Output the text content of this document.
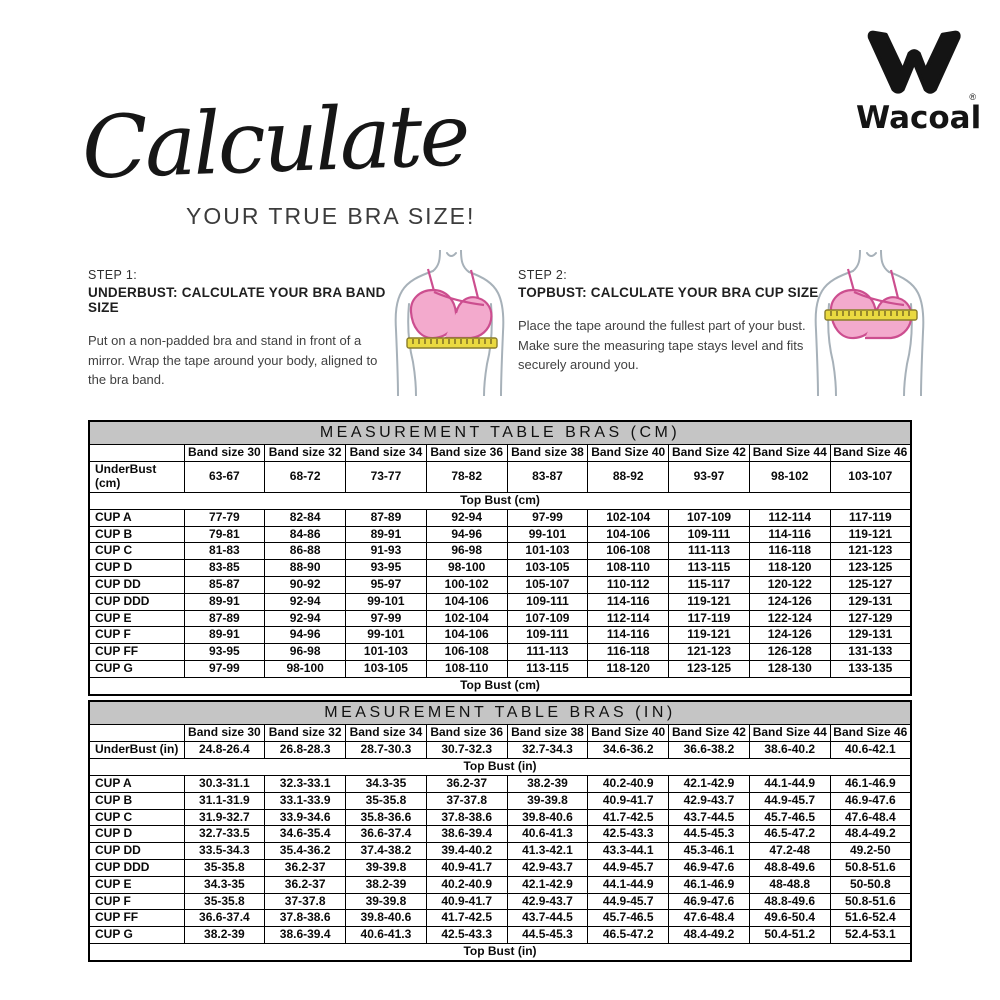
®
Wacoal
Calculate
YOUR TRUE BRA SIZE!
STEP 1:
UNDERBUST: CALCULATE YOUR BRA BAND SIZE
Put on a non-padded bra and stand in front of a mirror. Wrap the tape around your body, aligned to the bra band.
STEP 2:
TOPBUST: CALCULATE YOUR BRA CUP SIZE
Place the tape around the fullest part of your bust. Make sure the measuring tape stays level and fits securely around you.
MEASUREMENT TABLE BRAS (CM)									
	Band size 30	Band size 32	Band size 34	Band size 36	Band size 38	Band Size 40	Band Size 42	Band Size 44	Band Size 46
UnderBust (cm)	63-67	68-72	73-77	78-82	83-87	88-92	93-97	98-102	103-107
Top Bust (cm)									
CUP A	77-79	82-84	87-89	92-94	97-99	102-104	107-109	112-114	117-119
CUP B	79-81	84-86	89-91	94-96	99-101	104-106	109-111	114-116	119-121
CUP C	81-83	86-88	91-93	96-98	101-103	106-108	111-113	116-118	121-123
CUP D	83-85	88-90	93-95	98-100	103-105	108-110	113-115	118-120	123-125
CUP DD	85-87	90-92	95-97	100-102	105-107	110-112	115-117	120-122	125-127
CUP DDD	89-91	92-94	99-101	104-106	109-111	114-116	119-121	124-126	129-131
CUP E	87-89	92-94	97-99	102-104	107-109	112-114	117-119	122-124	127-129
CUP F	89-91	94-96	99-101	104-106	109-111	114-116	119-121	124-126	129-131
CUP FF	93-95	96-98	101-103	106-108	111-113	116-118	121-123	126-128	131-133
CUP G	97-99	98-100	103-105	108-110	113-115	118-120	123-125	128-130	133-135
Top Bust (cm)									
MEASUREMENT TABLE BRAS (IN)									
	Band size 30	Band size 32	Band size 34	Band size 36	Band size 38	Band Size 40	Band Size 42	Band Size 44	Band Size 46
UnderBust (in)	24.8-26.4	26.8-28.3	28.7-30.3	30.7-32.3	32.7-34.3	34.6-36.2	36.6-38.2	38.6-40.2	40.6-42.1
Top Bust (in)									
CUP A	30.3-31.1	32.3-33.1	34.3-35	36.2-37	38.2-39	40.2-40.9	42.1-42.9	44.1-44.9	46.1-46.9
CUP B	31.1-31.9	33.1-33.9	35-35.8	37-37.8	39-39.8	40.9-41.7	42.9-43.7	44.9-45.7	46.9-47.6
CUP C	31.9-32.7	33.9-34.6	35.8-36.6	37.8-38.6	39.8-40.6	41.7-42.5	43.7-44.5	45.7-46.5	47.6-48.4
CUP D	32.7-33.5	34.6-35.4	36.6-37.4	38.6-39.4	40.6-41.3	42.5-43.3	44.5-45.3	46.5-47.2	48.4-49.2
CUP DD	33.5-34.3	35.4-36.2	37.4-38.2	39.4-40.2	41.3-42.1	43.3-44.1	45.3-46.1	47.2-48	49.2-50
CUP DDD	35-35.8	36.2-37	39-39.8	40.9-41.7	42.9-43.7	44.9-45.7	46.9-47.6	48.8-49.6	50.8-51.6
CUP E	34.3-35	36.2-37	38.2-39	40.2-40.9	42.1-42.9	44.1-44.9	46.1-46.9	48-48.8	50-50.8
CUP F	35-35.8	37-37.8	39-39.8	40.9-41.7	42.9-43.7	44.9-45.7	46.9-47.6	48.8-49.6	50.8-51.6
CUP FF	36.6-37.4	37.8-38.6	39.8-40.6	41.7-42.5	43.7-44.5	45.7-46.5	47.6-48.4	49.6-50.4	51.6-52.4
CUP G	38.2-39	38.6-39.4	40.6-41.3	42.5-43.3	44.5-45.3	46.5-47.2	48.4-49.2	50.4-51.2	52.4-53.1
Top Bust (in)									
